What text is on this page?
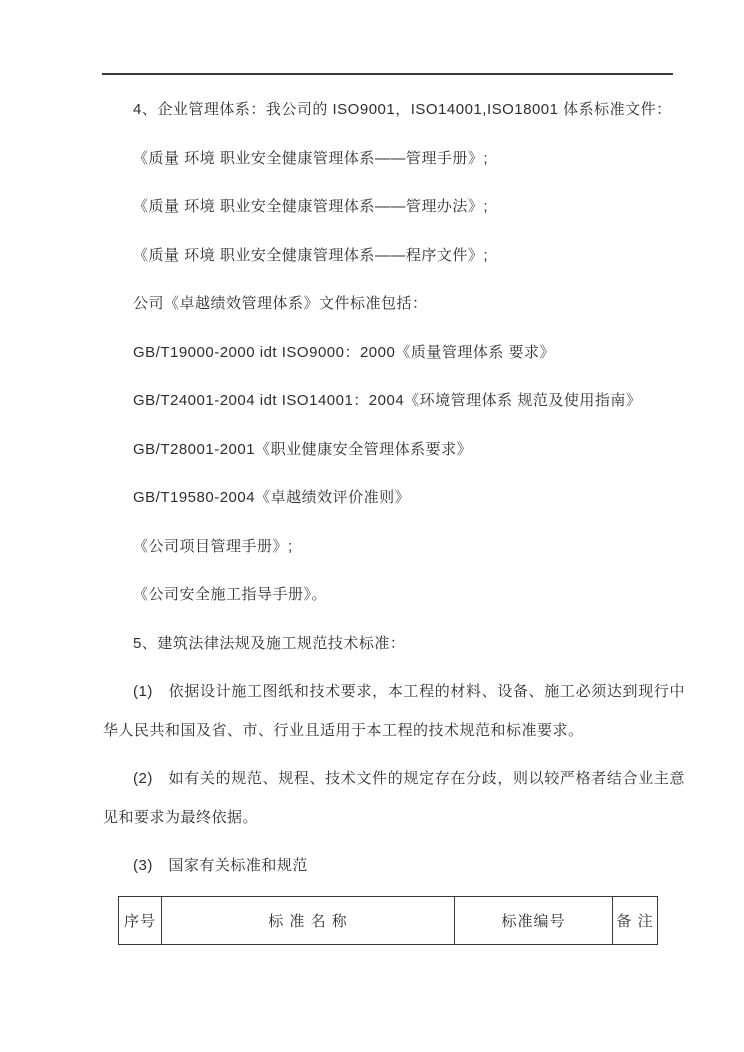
4、企业管理体系：我公司的 ISO9001，ISO14001,ISO18001 体系标准文件：

《质量 环境 职业安全健康管理体系——管理手册》;

《质量 环境 职业安全健康管理体系——管理办法》;

《质量 环境 职业安全健康管理体系——程序文件》;

公司《卓越绩效管理体系》文件标准包括：

GB/T19000-2000 idt ISO9000：2000《质量管理体系 要求》

GB/T24001-2004 idt ISO14001：2004《环境管理体系 规范及使用指南》

GB/T28001-2001《职业健康安全管理体系要求》

GB/T19580-2004《卓越绩效评价准则》

《公司项目管理手册》;

《公司安全施工指导手册》。

5、建筑法律法规及施工规范技术标准：

(1)　依据设计施工图纸和技术要求，本工程的材料、设备、施工必须达到现行中华人民共和国及省、市、行业且适用于本工程的技术规范和标准要求。

(2)　如有关的规范、规程、技术文件的规定存在分歧，则以较严格者结合业主意见和要求为最终依据。

(3)　国家有关标准和规范

序号	标 准 名 称	标准编号	备 注
